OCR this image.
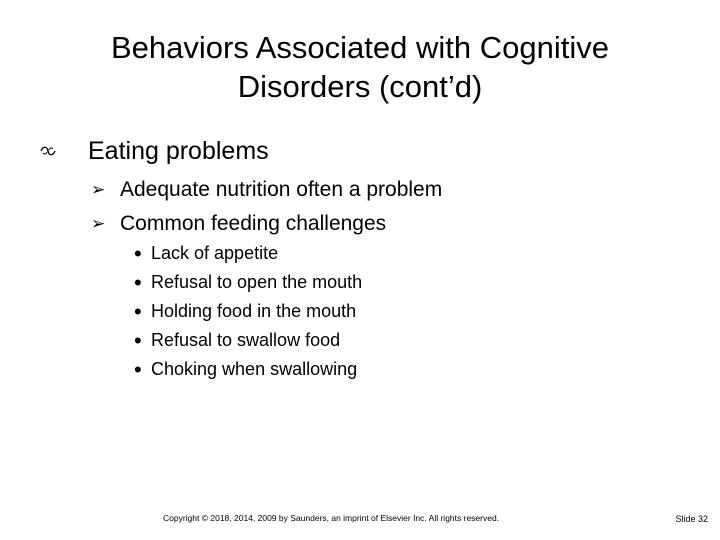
Behaviors Associated with Cognitive
Disorders (cont’d)
Eating problems
➢ Adequate nutrition often a problem
➢ Common feeding challenges
• Lack of appetite
• Refusal to open the mouth
• Holding food in the mouth
• Refusal to swallow food
• Choking when swallowing
Copyright © 2018, 2014, 2009 by Saunders, an imprint of Elsevier Inc. All rights reserved.	Slide 32
